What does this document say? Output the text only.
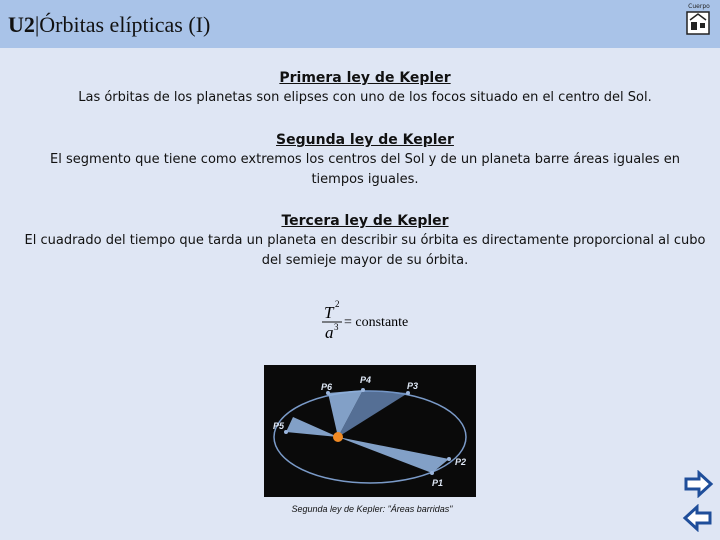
U2|Órbitas elípticas (I)
Cuerpo
Primera ley de Kepler

Las órbitas de los planetas son elipses con uno de los focos situado en el centro del Sol.

Segunda ley de Kepler

El segmento que tiene como extremos los centros del Sol y de un planeta barre áreas iguales en tiempos iguales.

Tercera ley de Kepler

El cuadrado del tiempo que tarda un planeta en describir su órbita es directamente proporcional al cubo del semieje mayor de su órbita.

T 2
a 3 = constante
P6
P4
P3
P5
P2
P1
Segunda ley de Kepler: "Áreas barridas"
